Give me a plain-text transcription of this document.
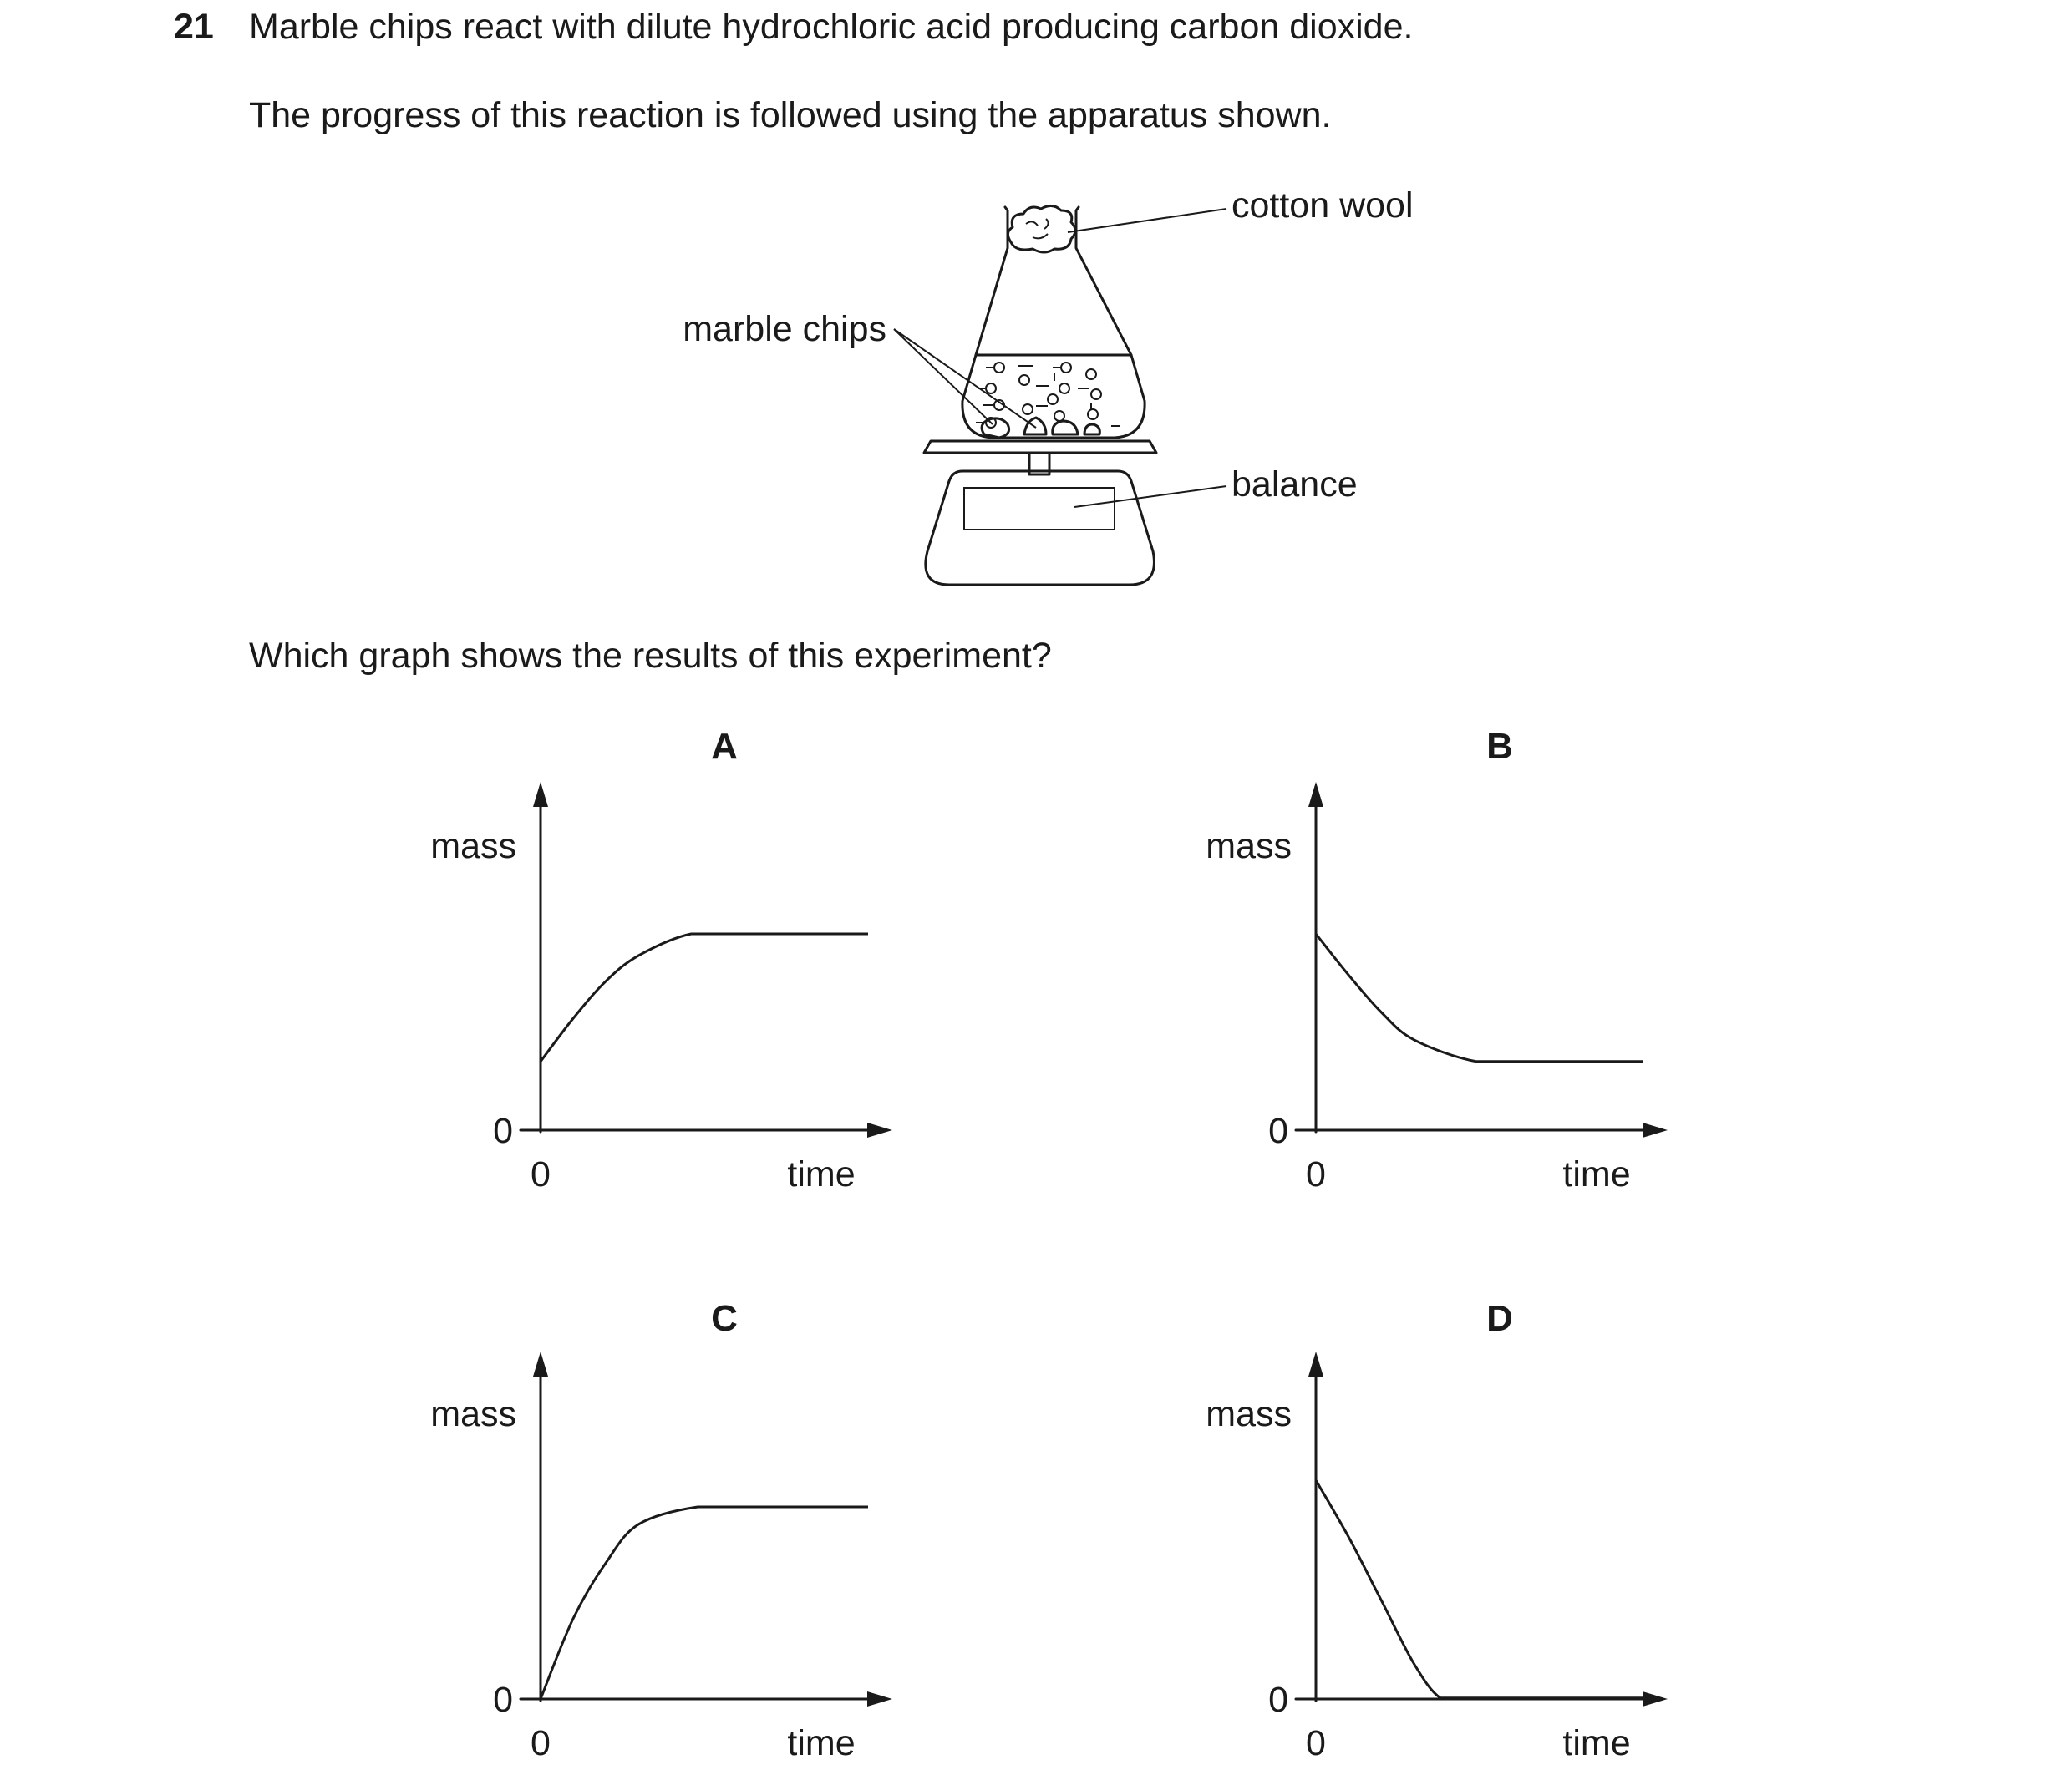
21 Marble chips react with dilute hydrochloric acid producing carbon dioxide.
The progress of this reaction is followed using the apparatus shown.
Which graph shows the results of this experiment?
cotton wool
marble chips
balance
A
mass
0
0	time
B
mass
0
0	time
C
mass
0
0	time
D
mass
0
0	time
